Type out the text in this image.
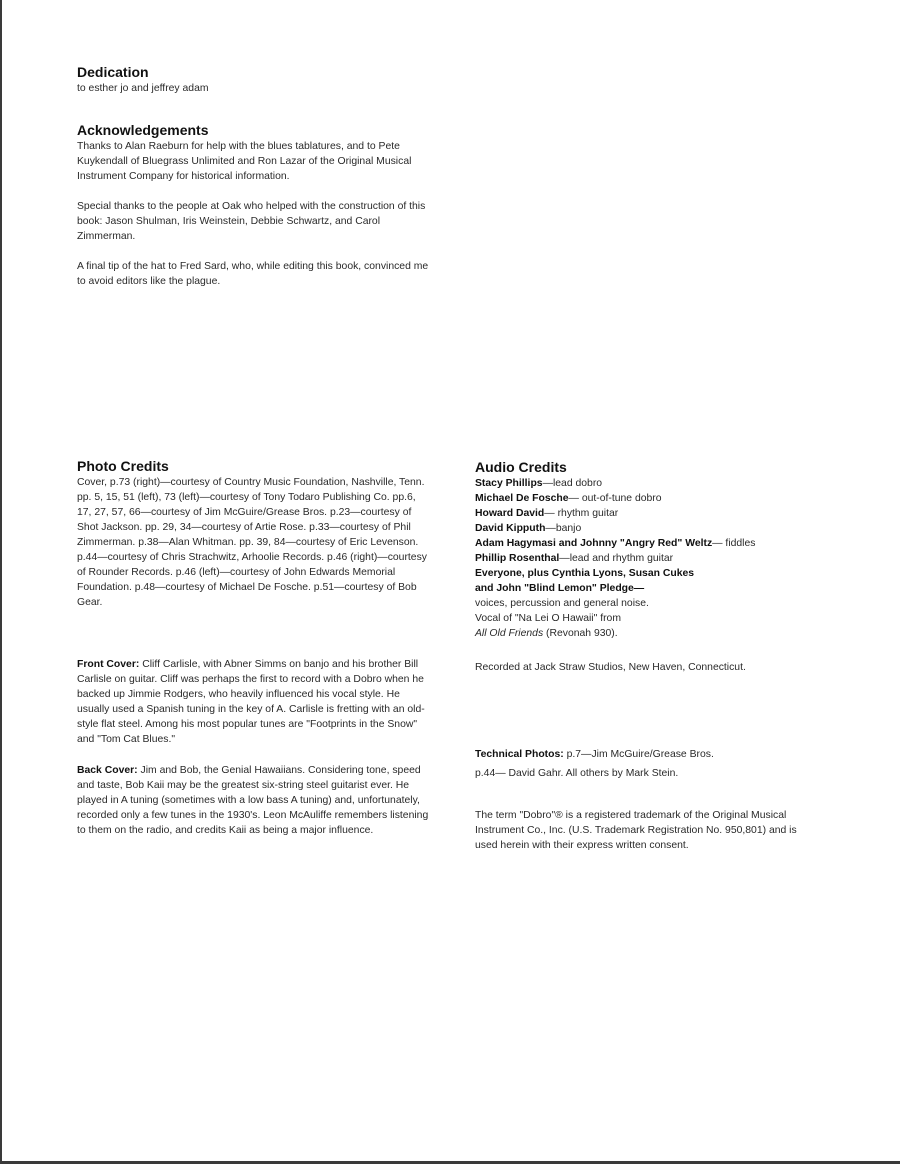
Dedication

to esther jo and jeffrey adam

Acknowledgements

Thanks to Alan Raeburn for help with the blues tablatures, and to Pete Kuykendall of Bluegrass Unlimited and Ron Lazar of the Original Musical Instrument Company for historical information.

Special thanks to the people at Oak who helped with the construction of this book: Jason Shulman, Iris Weinstein, Debbie Schwartz, and Carol Zimmerman.

A final tip of the hat to Fred Sard, who, while editing this book, convinced me to avoid editors like the plague.

Photo Credits

Cover, p.73 (right)—courtesy of Country Music Foundation, Nashville, Tenn. pp. 5, 15, 51 (left), 73 (left)—courtesy of Tony Todaro Publishing Co. pp.6, 17, 27, 57, 66—courtesy of Jim McGuire/Grease Bros. p.23—courtesy of Shot Jackson. pp. 29, 34—courtesy of Artie Rose. p.33—courtesy of Phil Zimmerman. p.38—Alan Whitman. pp. 39, 84—courtesy of Eric Levenson. p.44—courtesy of Chris Strachwitz, Arhoolie Records. p.46 (right)—courtesy of Rounder Records. p.46 (left)—courtesy of John Edwards Memorial Foundation. p.48—courtesy of Michael De Fosche. p.51—courtesy of Bob Gear.

Front Cover: Cliff Carlisle, with Abner Simms on banjo and his brother Bill Carlisle on guitar. Cliff was perhaps the first to record with a Dobro when he backed up Jimmie Rodgers, who heavily influenced his vocal style. He usually used a Spanish tuning in the key of A. Carlisle is fretting with an old-style flat steel. Among his most popular tunes are "Footprints in the Snow" and "Tom Cat Blues."

Back Cover: Jim and Bob, the Genial Hawaiians. Considering tone, speed and taste, Bob Kaii may be the greatest six-string steel guitarist ever. He played in A tuning (sometimes with a low bass A tuning) and, unfortunately, recorded only a few tunes in the 1930's. Leon McAuliffe remembers listening to them on the radio, and credits Kaii as being a major influence.

Audio Credits
Stacy Phillips—lead dobro
Michael De Fosche— out-of-tune dobro
Howard David— rhythm guitar
David Kipputh—banjo
Adam Hagymasi and Johnny "Angry Red" Weltz— fiddles
Phillip Rosenthal—lead and rhythm guitar
Everyone, plus Cynthia Lyons, Susan Cukes
and John "Blind Lemon" Pledge—
voices, percussion and general noise.
Vocal of "Na Lei O Hawaii" from
All Old Friends (Revonah 930).

Recorded at Jack Straw Studios, New Haven, Connecticut.

Technical Photos: p.7—Jim McGuire/Grease Bros.
p.44— David Gahr. All others by Mark Stein.

The term "Dobro"® is a registered trademark of the Original Musical Instrument Co., Inc. (U.S. Trademark Registration No. 950,801) and is used herein with their express written consent.
